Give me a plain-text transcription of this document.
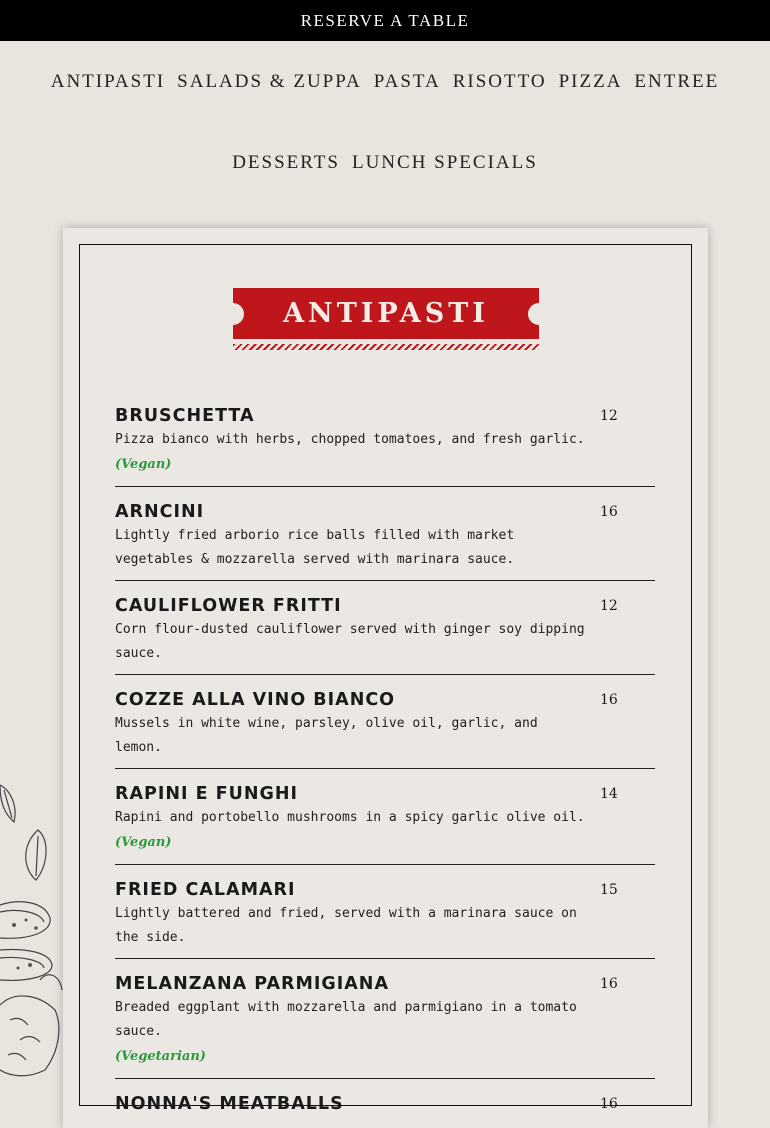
RESERVE A TABLE
ANTIPASTI SALADS & ZUPPA PASTA RISOTTO PIZZA ENTREE
DESSERTS LUNCH SPECIALS
ANTIPASTI
BRUSCHETTA	12
Pizza bianco with herbs, chopped tomatoes, and fresh garlic.
(Vegan)
ARNCINI	16
Lightly fried arborio rice balls filled with market vegetables & mozzarella served with marinara sauce.
CAULIFLOWER FRITTI	12
Corn flour-dusted cauliflower served with ginger soy dipping sauce.
COZZE ALLA VINO BIANCO	16
Mussels in white wine, parsley, olive oil, garlic, and lemon.
RAPINI E FUNGHI	14
Rapini and portobello mushrooms in a spicy garlic olive oil.
(Vegan)
FRIED CALAMARI	15
Lightly battered and fried, served with a marinara sauce on the side.
MELANZANA PARMIGIANA	16
Breaded eggplant with mozzarella and parmigiano in a tomato sauce.
(Vegetarian)
NONNA'S MEATBALLS	16
